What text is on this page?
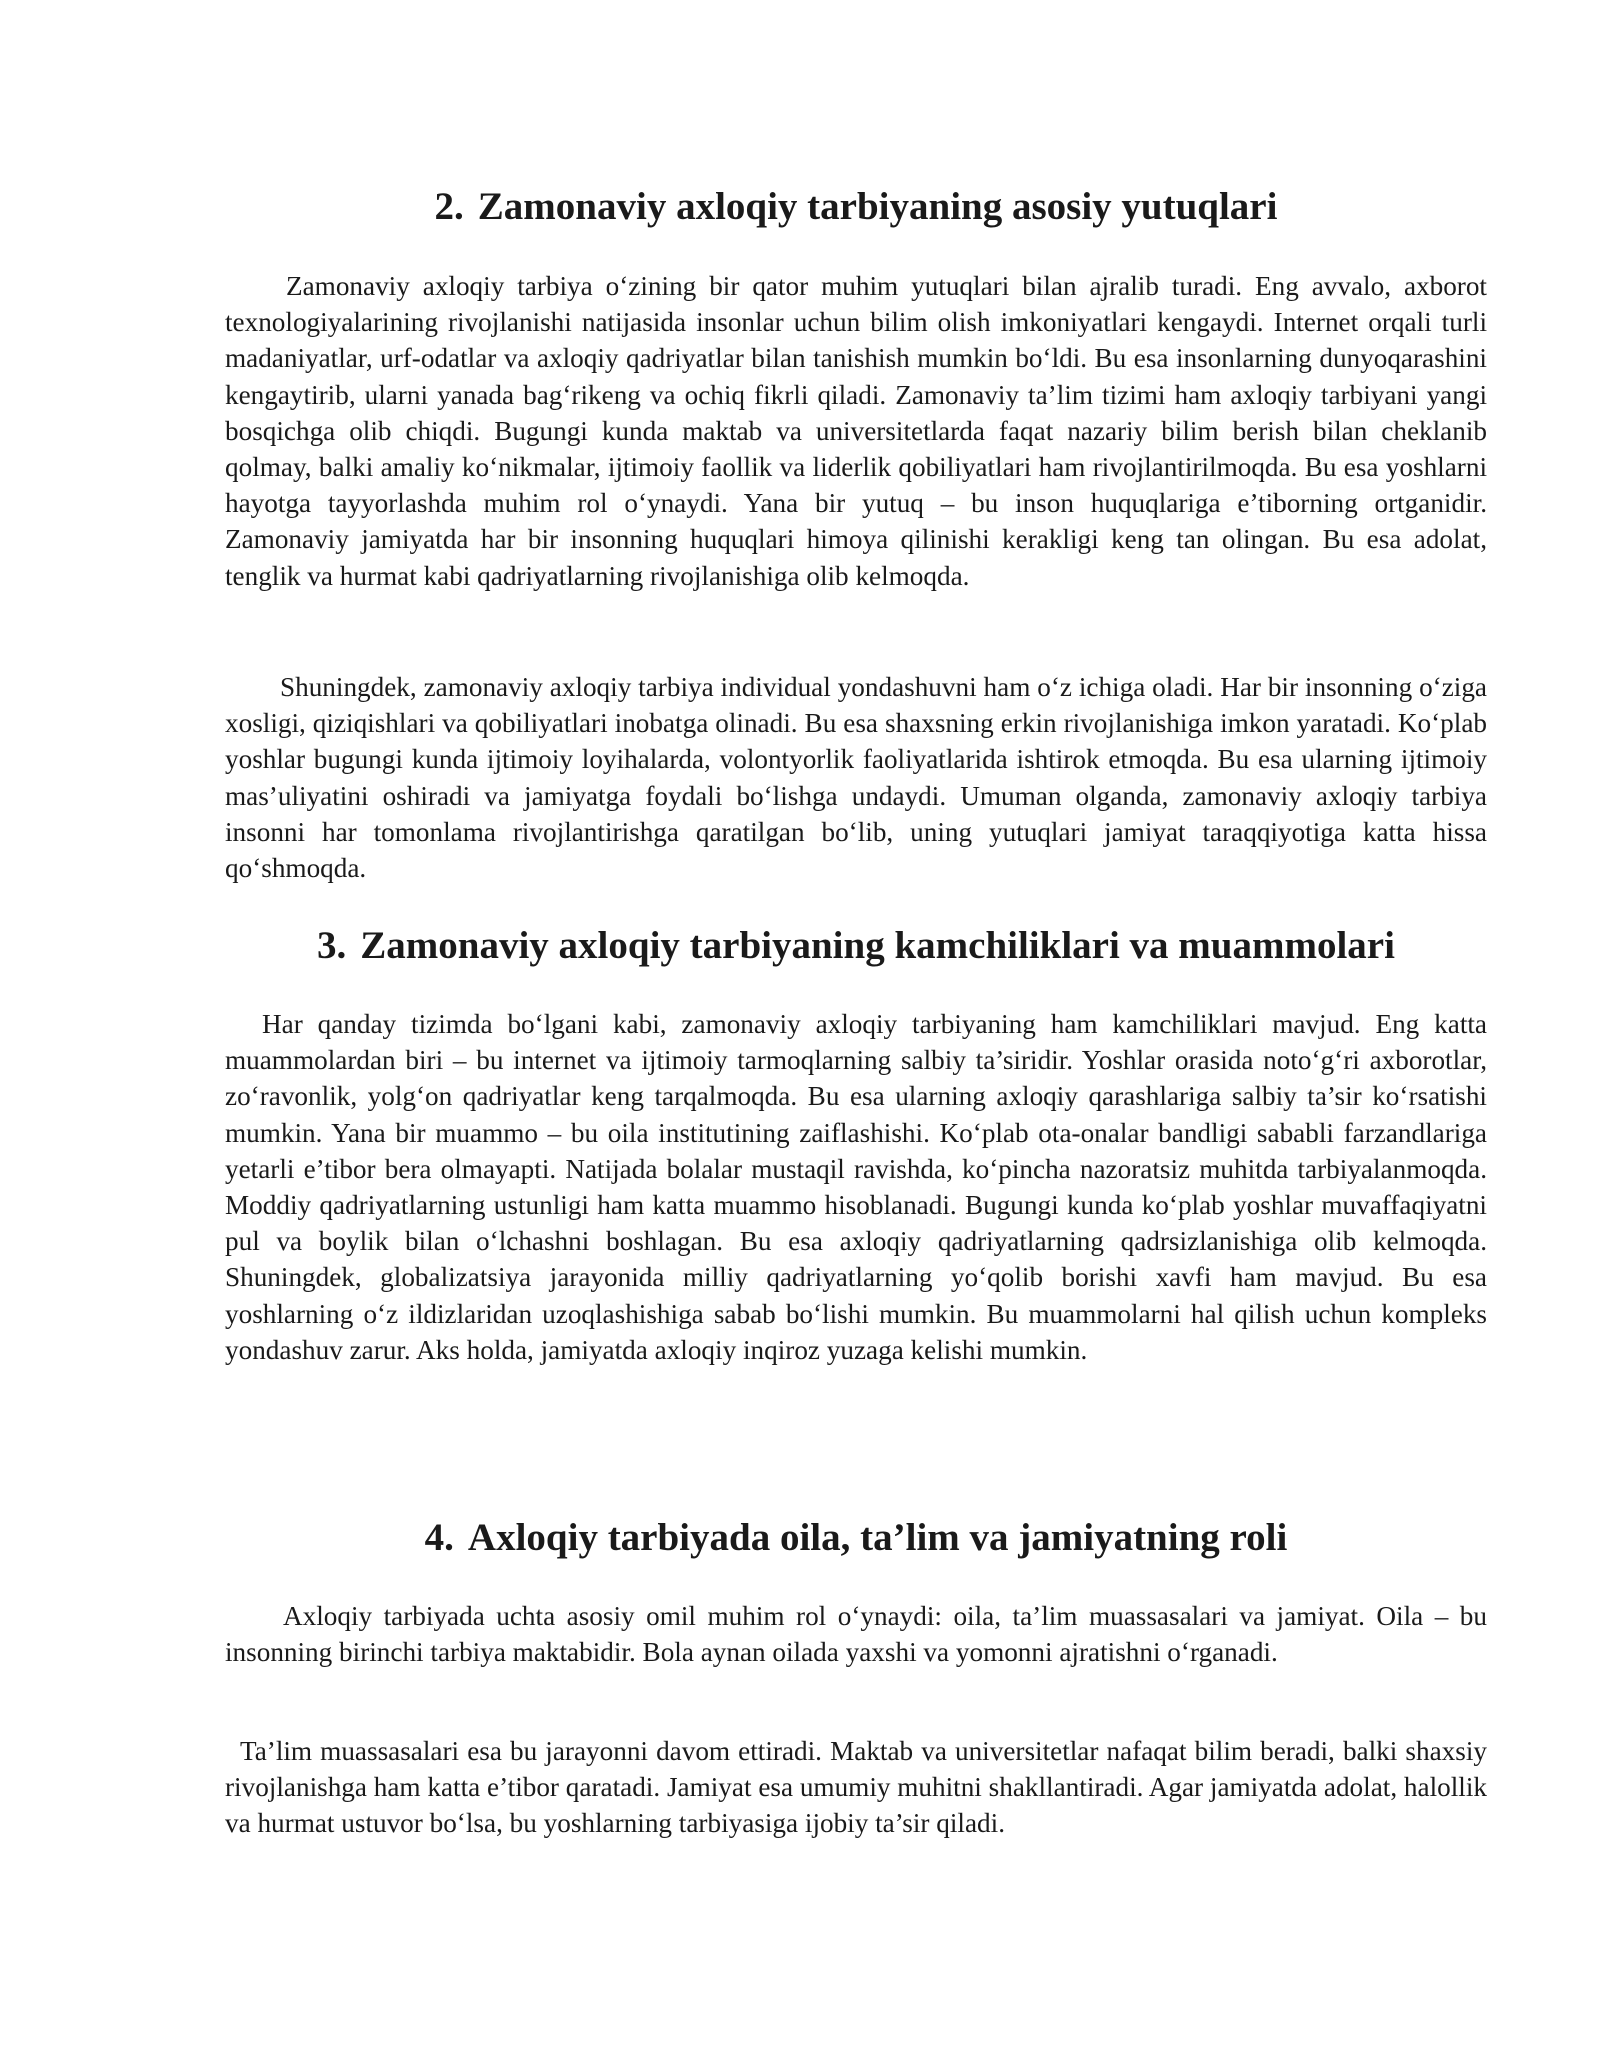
2. Zamonaviy axloqiy tarbiyaning asosiy yutuqlari

Zamonaviy axloqiy tarbiya o‘zining bir qator muhim yutuqlari bilan ajralib turadi. Eng avvalo, axborot texnologiyalarining rivojlanishi natijasida insonlar uchun bilim olish imkoniyatlari kengaydi. Internet orqali turli madaniyatlar, urf-odatlar va axloqiy qadriyatlar bilan tanishish mumkin bo‘ldi. Bu esa insonlarning dunyoqarashini kengaytirib, ularni yanada bag‘rikeng va ochiq fikrli qiladi. Zamonaviy ta’lim tizimi ham axloqiy tarbiyani yangi bosqichga olib chiqdi. Bugungi kunda maktab va universitetlarda faqat nazariy bilim berish bilan cheklanib qolmay, balki amaliy ko‘nikmalar, ijtimoiy faollik va liderlik qobiliyatlari ham rivojlantirilmoqda. Bu esa yoshlarni hayotga tayyorlashda muhim rol o‘ynaydi. Yana bir yutuq – bu inson huquqlariga e’tiborning ortganidir. Zamonaviy jamiyatda har bir insonning huquqlari himoya qilinishi kerakligi keng tan olingan. Bu esa adolat, tenglik va hurmat kabi qadriyatlarning rivojlanishiga olib kelmoqda.

Shuningdek, zamonaviy axloqiy tarbiya individual yondashuvni ham o‘z ichiga oladi. Har bir insonning o‘ziga xosligi, qiziqishlari va qobiliyatlari inobatga olinadi. Bu esa shaxsning erkin rivojlanishiga imkon yaratadi. Ko‘plab yoshlar bugungi kunda ijtimoiy loyihalarda, volontyorlik faoliyatlarida ishtirok etmoqda. Bu esa ularning ijtimoiy mas’uliyatini oshiradi va jamiyatga foydali bo‘lishga undaydi. Umuman olganda, zamonaviy axloqiy tarbiya insonni har tomonlama rivojlantirishga qaratilgan bo‘lib, uning yutuqlari jamiyat taraqqiyotiga katta hissa qo‘shmoqda.

3. Zamonaviy axloqiy tarbiyaning kamchiliklari va muammolari

Har qanday tizimda bo‘lgani kabi, zamonaviy axloqiy tarbiyaning ham kamchiliklari mavjud. Eng katta muammolardan biri – bu internet va ijtimoiy tarmoqlarning salbiy ta’siridir. Yoshlar orasida noto‘g‘ri axborotlar, zo‘ravonlik, yolg‘on qadriyatlar keng tarqalmoqda. Bu esa ularning axloqiy qarashlariga salbiy ta’sir ko‘rsatishi mumkin. Yana bir muammo – bu oila institutining zaiflashishi. Ko‘plab ota-onalar bandligi sababli farzandlariga yetarli e’tibor bera olmayapti. Natijada bolalar mustaqil ravishda, ko‘pincha nazoratsiz muhitda tarbiyalanmoqda. Moddiy qadriyatlarning ustunligi ham katta muammo hisoblanadi. Bugungi kunda ko‘plab yoshlar muvaffaqiyatni pul va boylik bilan o‘lchashni boshlagan. Bu esa axloqiy qadriyatlarning qadrsizlanishiga olib kelmoqda. Shuningdek, globalizatsiya jarayonida milliy qadriyatlarning yo‘qolib borishi xavfi ham mavjud. Bu esa yoshlarning o‘z ildizlaridan uzoqlashishiga sabab bo‘lishi mumkin. Bu muammolarni hal qilish uchun kompleks yondashuv zarur. Aks holda, jamiyatda axloqiy inqiroz yuzaga kelishi mumkin.

4. Axloqiy tarbiyada oila, ta’lim va jamiyatning roli

Axloqiy tarbiyada uchta asosiy omil muhim rol o‘ynaydi: oila, ta’lim muassasalari va jamiyat. Oila – bu insonning birinchi tarbiya maktabidir. Bola aynan oilada yaxshi va yomonni ajratishni o‘rganadi.

Ta’lim muassasalari esa bu jarayonni davom ettiradi. Maktab va universitetlar nafaqat bilim beradi, balki shaxsiy rivojlanishga ham katta e’tibor qaratadi. Jamiyat esa umumiy muhitni shakllantiradi. Agar jamiyatda adolat, halollik va hurmat ustuvor bo‘lsa, bu yoshlarning tarbiyasiga ijobiy ta’sir qiladi.
